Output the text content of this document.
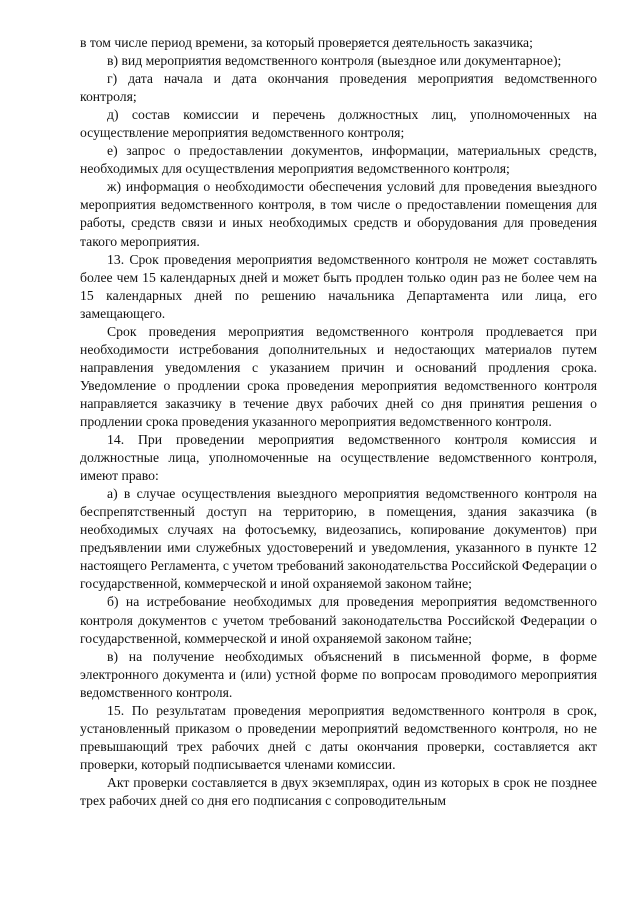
в том числе период времени, за который проверяется деятельность заказчика;

в) вид мероприятия ведомственного контроля (выездное или документарное);

г) дата начала и дата окончания проведения мероприятия ведомственного контроля;

д) состав комиссии и перечень должностных лиц, уполномоченных на осуществление мероприятия ведомственного контроля;

е) запрос о предоставлении документов, информации, материальных средств, необходимых для осуществления мероприятия ведомственного контроля;

ж) информация о необходимости обеспечения условий для проведения выездного мероприятия ведомственного контроля, в том числе о предоставлении помещения для работы, средств связи и иных необходимых средств и оборудования для проведения такого мероприятия.

13. Срок проведения мероприятия ведомственного контроля не может составлять более чем 15 календарных дней и может быть продлен только один раз не более чем на 15 календарных дней по решению начальника Департамента или лица, его замещающего.

Срок проведения мероприятия ведомственного контроля продлевается при необходимости истребования дополнительных и недостающих материалов путем направления уведомления с указанием причин и оснований продления срока. Уведомление о продлении срока проведения мероприятия ведомственного контроля направляется заказчику в течение двух рабочих дней со дня принятия решения о продлении срока проведения указанного мероприятия ведомственного контроля.

14. При проведении мероприятия ведомственного контроля комиссия и должностные лица, уполномоченные на осуществление ведомственного контроля, имеют право:

а) в случае осуществления выездного мероприятия ведомственного контроля на беспрепятственный доступ на территорию, в помещения, здания заказчика (в необходимых случаях на фотосъемку, видеозапись, копирование документов) при предъявлении ими служебных удостоверений и уведомления, указанного в пункте 12 настоящего Регламента, с учетом требований законодательства Российской Федерации о государственной, коммерческой и иной охраняемой законом тайне;

б) на истребование необходимых для проведения мероприятия ведомственного контроля документов с учетом требований законодательства Российской Федерации о государственной, коммерческой и иной охраняемой законом тайне;

в) на получение необходимых объяснений в письменной форме, в форме электронного документа и (или) устной форме по вопросам проводимого мероприятия ведомственного контроля.

15. По результатам проведения мероприятия ведомственного контроля в срок, установленный приказом о проведении мероприятий ведомственного контроля, но не превышающий трех рабочих дней с даты окончания проверки, составляется акт проверки, который подписывается членами комиссии.

Акт проверки составляется в двух экземплярах, один из которых в срок не позднее трех рабочих дней со дня его подписания с сопроводительным
